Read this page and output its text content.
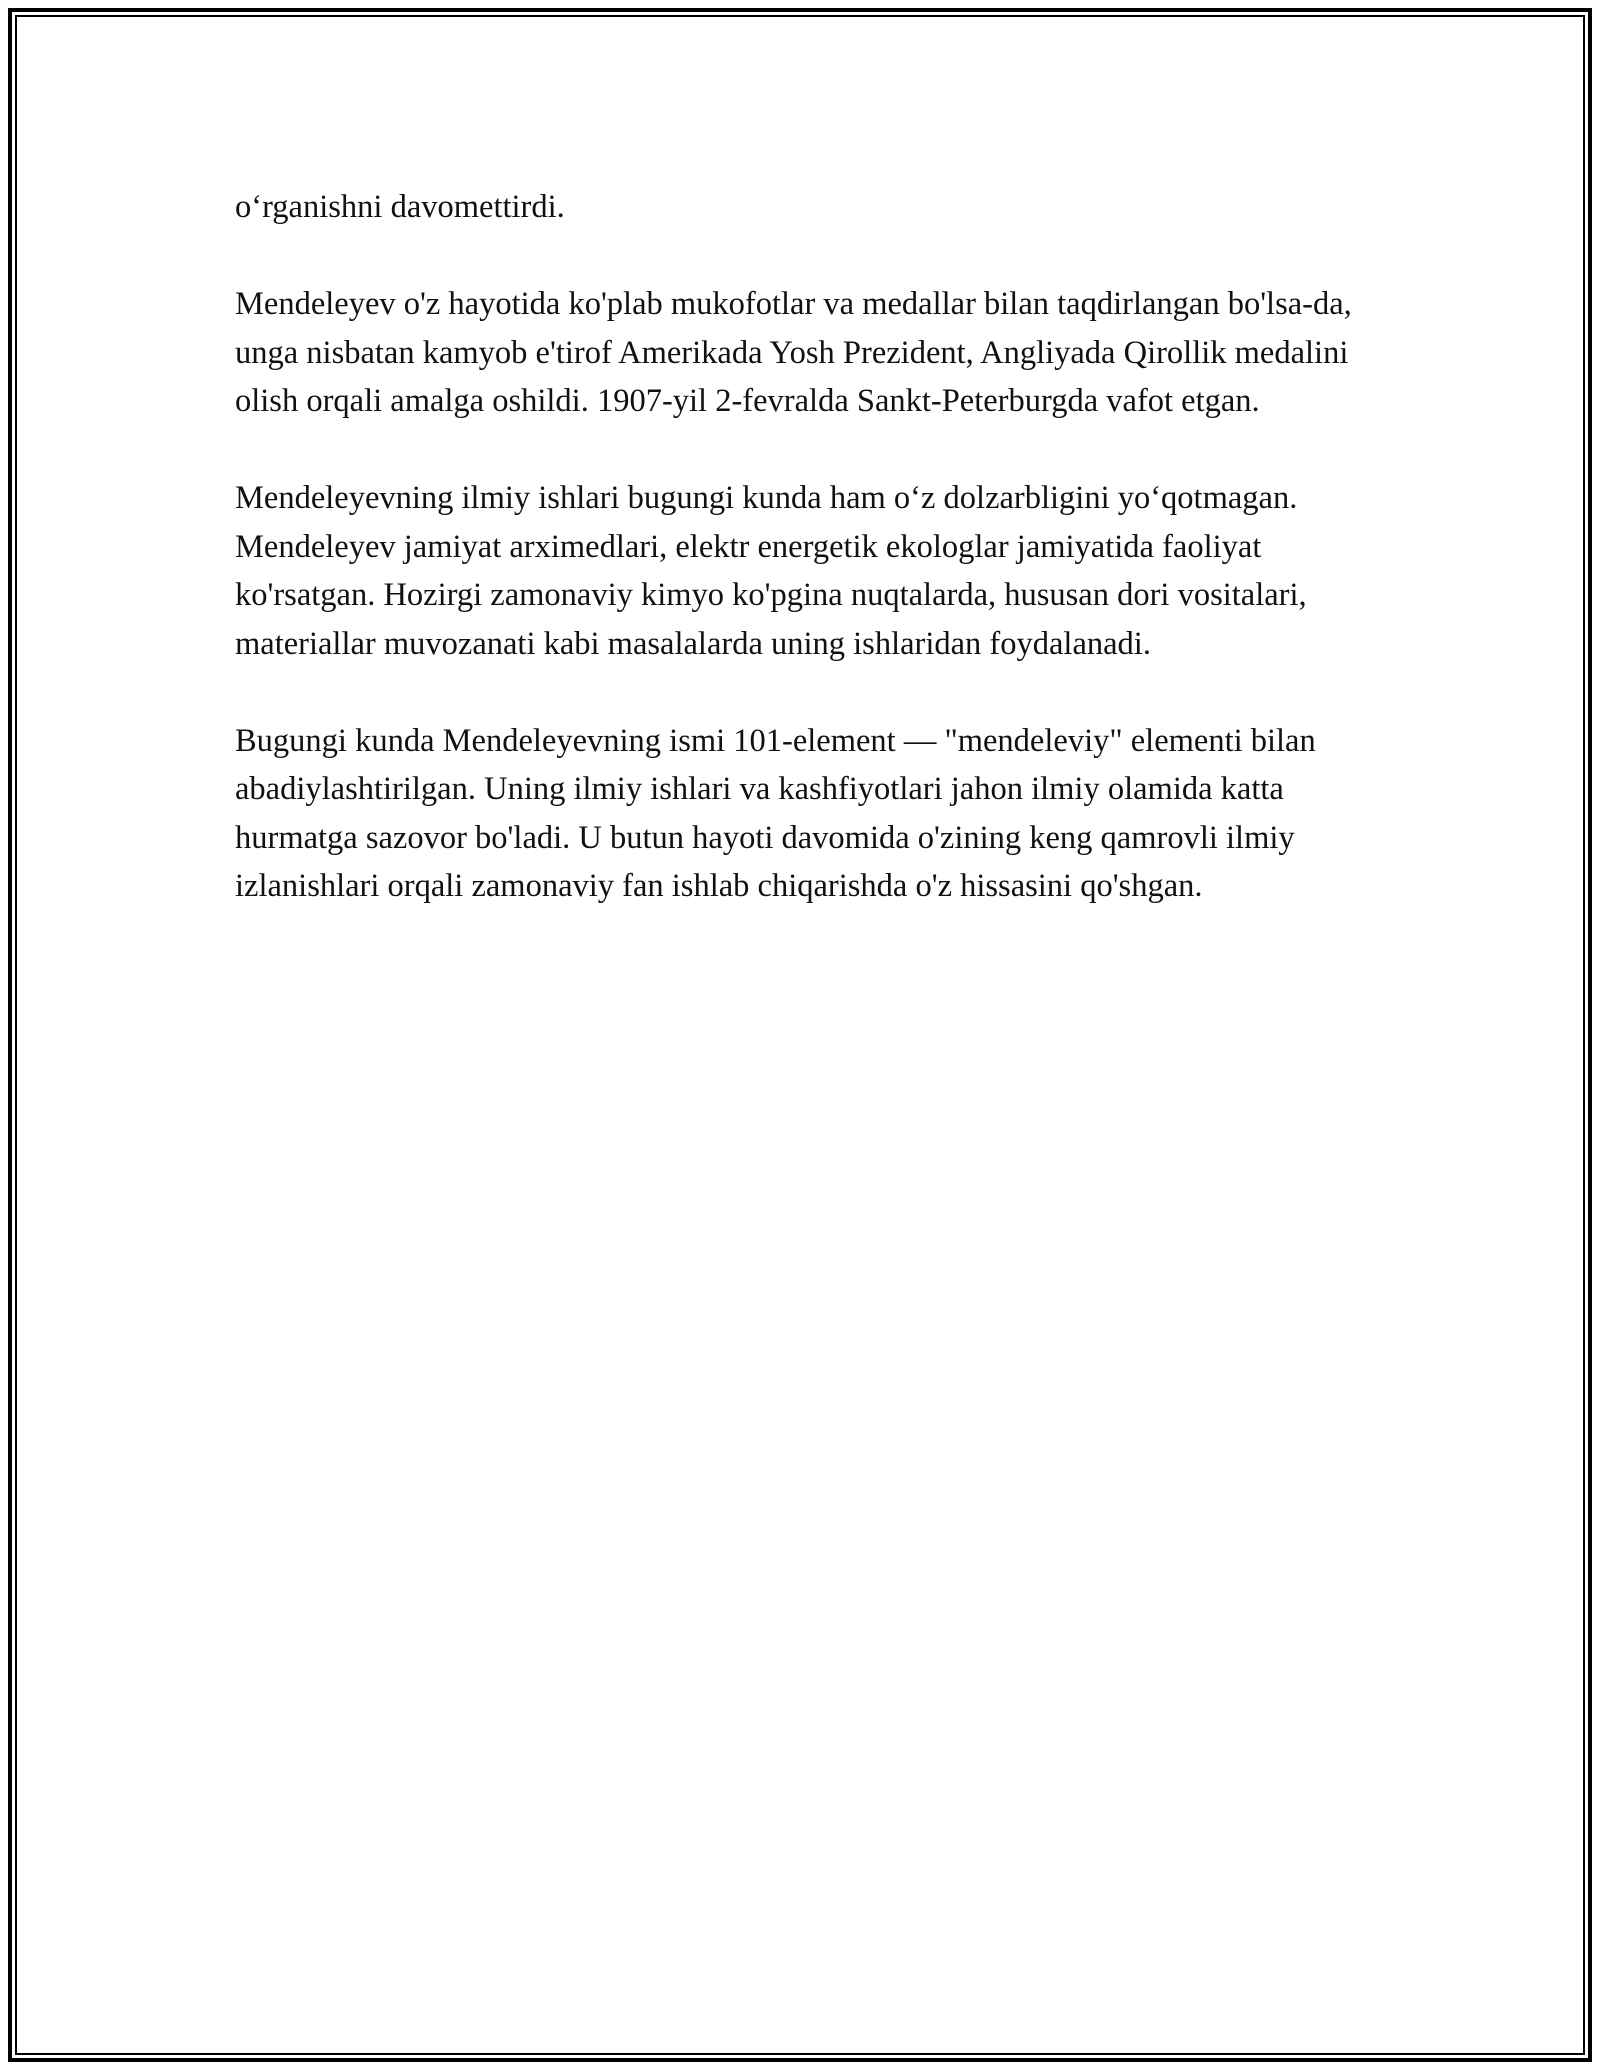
o‘rganishni davomettirdi.

Mendeleyev o'z hayotida ko'plab mukofotlar va medallar bilan taqdirlangan bo'lsa-da, unga nisbatan kamyob e'tirof Amerikada Yosh Prezident, Angliyada Qirollik medalini olish orqali amalga oshildi. 1907-yil 2-fevralda Sankt-Peterburgda vafot etgan.

Mendeleyevning ilmiy ishlari bugungi kunda ham o‘z dolzarbligini yo‘qotmagan. Mendeleyev jamiyat arximedlari, elektr energetik ekologlar jamiyatida faoliyat ko'rsatgan. Hozirgi zamonaviy kimyo ko'pgina nuqtalarda, hususan dori vositalari, materiallar muvozanati kabi masalalarda uning ishlaridan foydalanadi.

Bugungi kunda Mendeleyevning ismi 101-element — "mendeleviy" elementi bilan abadiylashtirilgan. Uning ilmiy ishlari va kashfiyotlari jahon ilmiy olamida katta hurmatga sazovor bo'ladi. U butun hayoti davomida o'zining keng qamrovli ilmiy izlanishlari orqali zamonaviy fan ishlab chiqarishda o'z hissasini qo'shgan.
